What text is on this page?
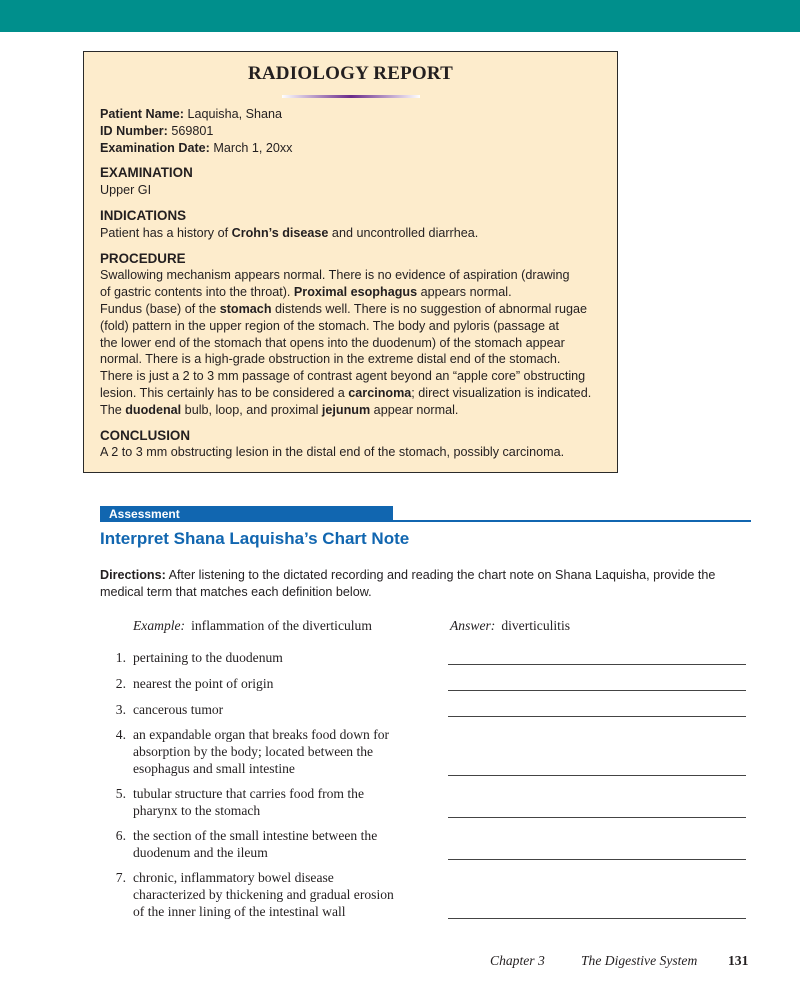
RADIOLOGY REPORT
Patient Name: Laquisha, Shana
ID Number: 569801
Examination Date: March 1, 20xx
EXAMINATION
Upper GI
INDICATIONS
Patient has a history of Crohn’s disease and uncontrolled diarrhea.
PROCEDURE
Swallowing mechanism appears normal. There is no evidence of aspiration (drawing
of gastric contents into the throat). Proximal esophagus appears normal.
Fundus (base) of the stomach distends well. There is no suggestion of abnormal rugae
(fold) pattern in the upper region of the stomach. The body and pyloris (passage at
the lower end of the stomach that opens into the duodenum) of the stomach appear
normal. There is a high-grade obstruction in the extreme distal end of the stomach.
There is just a 2 to 3 mm passage of contrast agent beyond an “apple core” obstructing
lesion. This certainly has to be considered a carcinoma; direct visualization is indicated.
The duodenal bulb, loop, and proximal jejunum appear normal.
CONCLUSION
A 2 to 3 mm obstructing lesion in the distal end of the stomach, possibly carcinoma.
Assessment
Interpret Shana Laquisha’s Chart Note
Directions: After listening to the dictated recording and reading the chart note on Shana Laquisha, provide the medical term that matches each definition below.
Example: inflammation of the diverticulum	Answer: diverticulitis
1. pertaining to the duodenum
2. nearest the point of origin
3. cancerous tumor
4. an expandable organ that breaks food down for
absorption by the body; located between the
esophagus and small intestine
5. tubular structure that carries food from the
pharynx to the stomach
6. the section of the small intestine between the
duodenum and the ileum
7. chronic, inflammatory bowel disease
characterized by thickening and gradual erosion
of the inner lining of the intestinal wall
Chapter 3	The Digestive System 131
